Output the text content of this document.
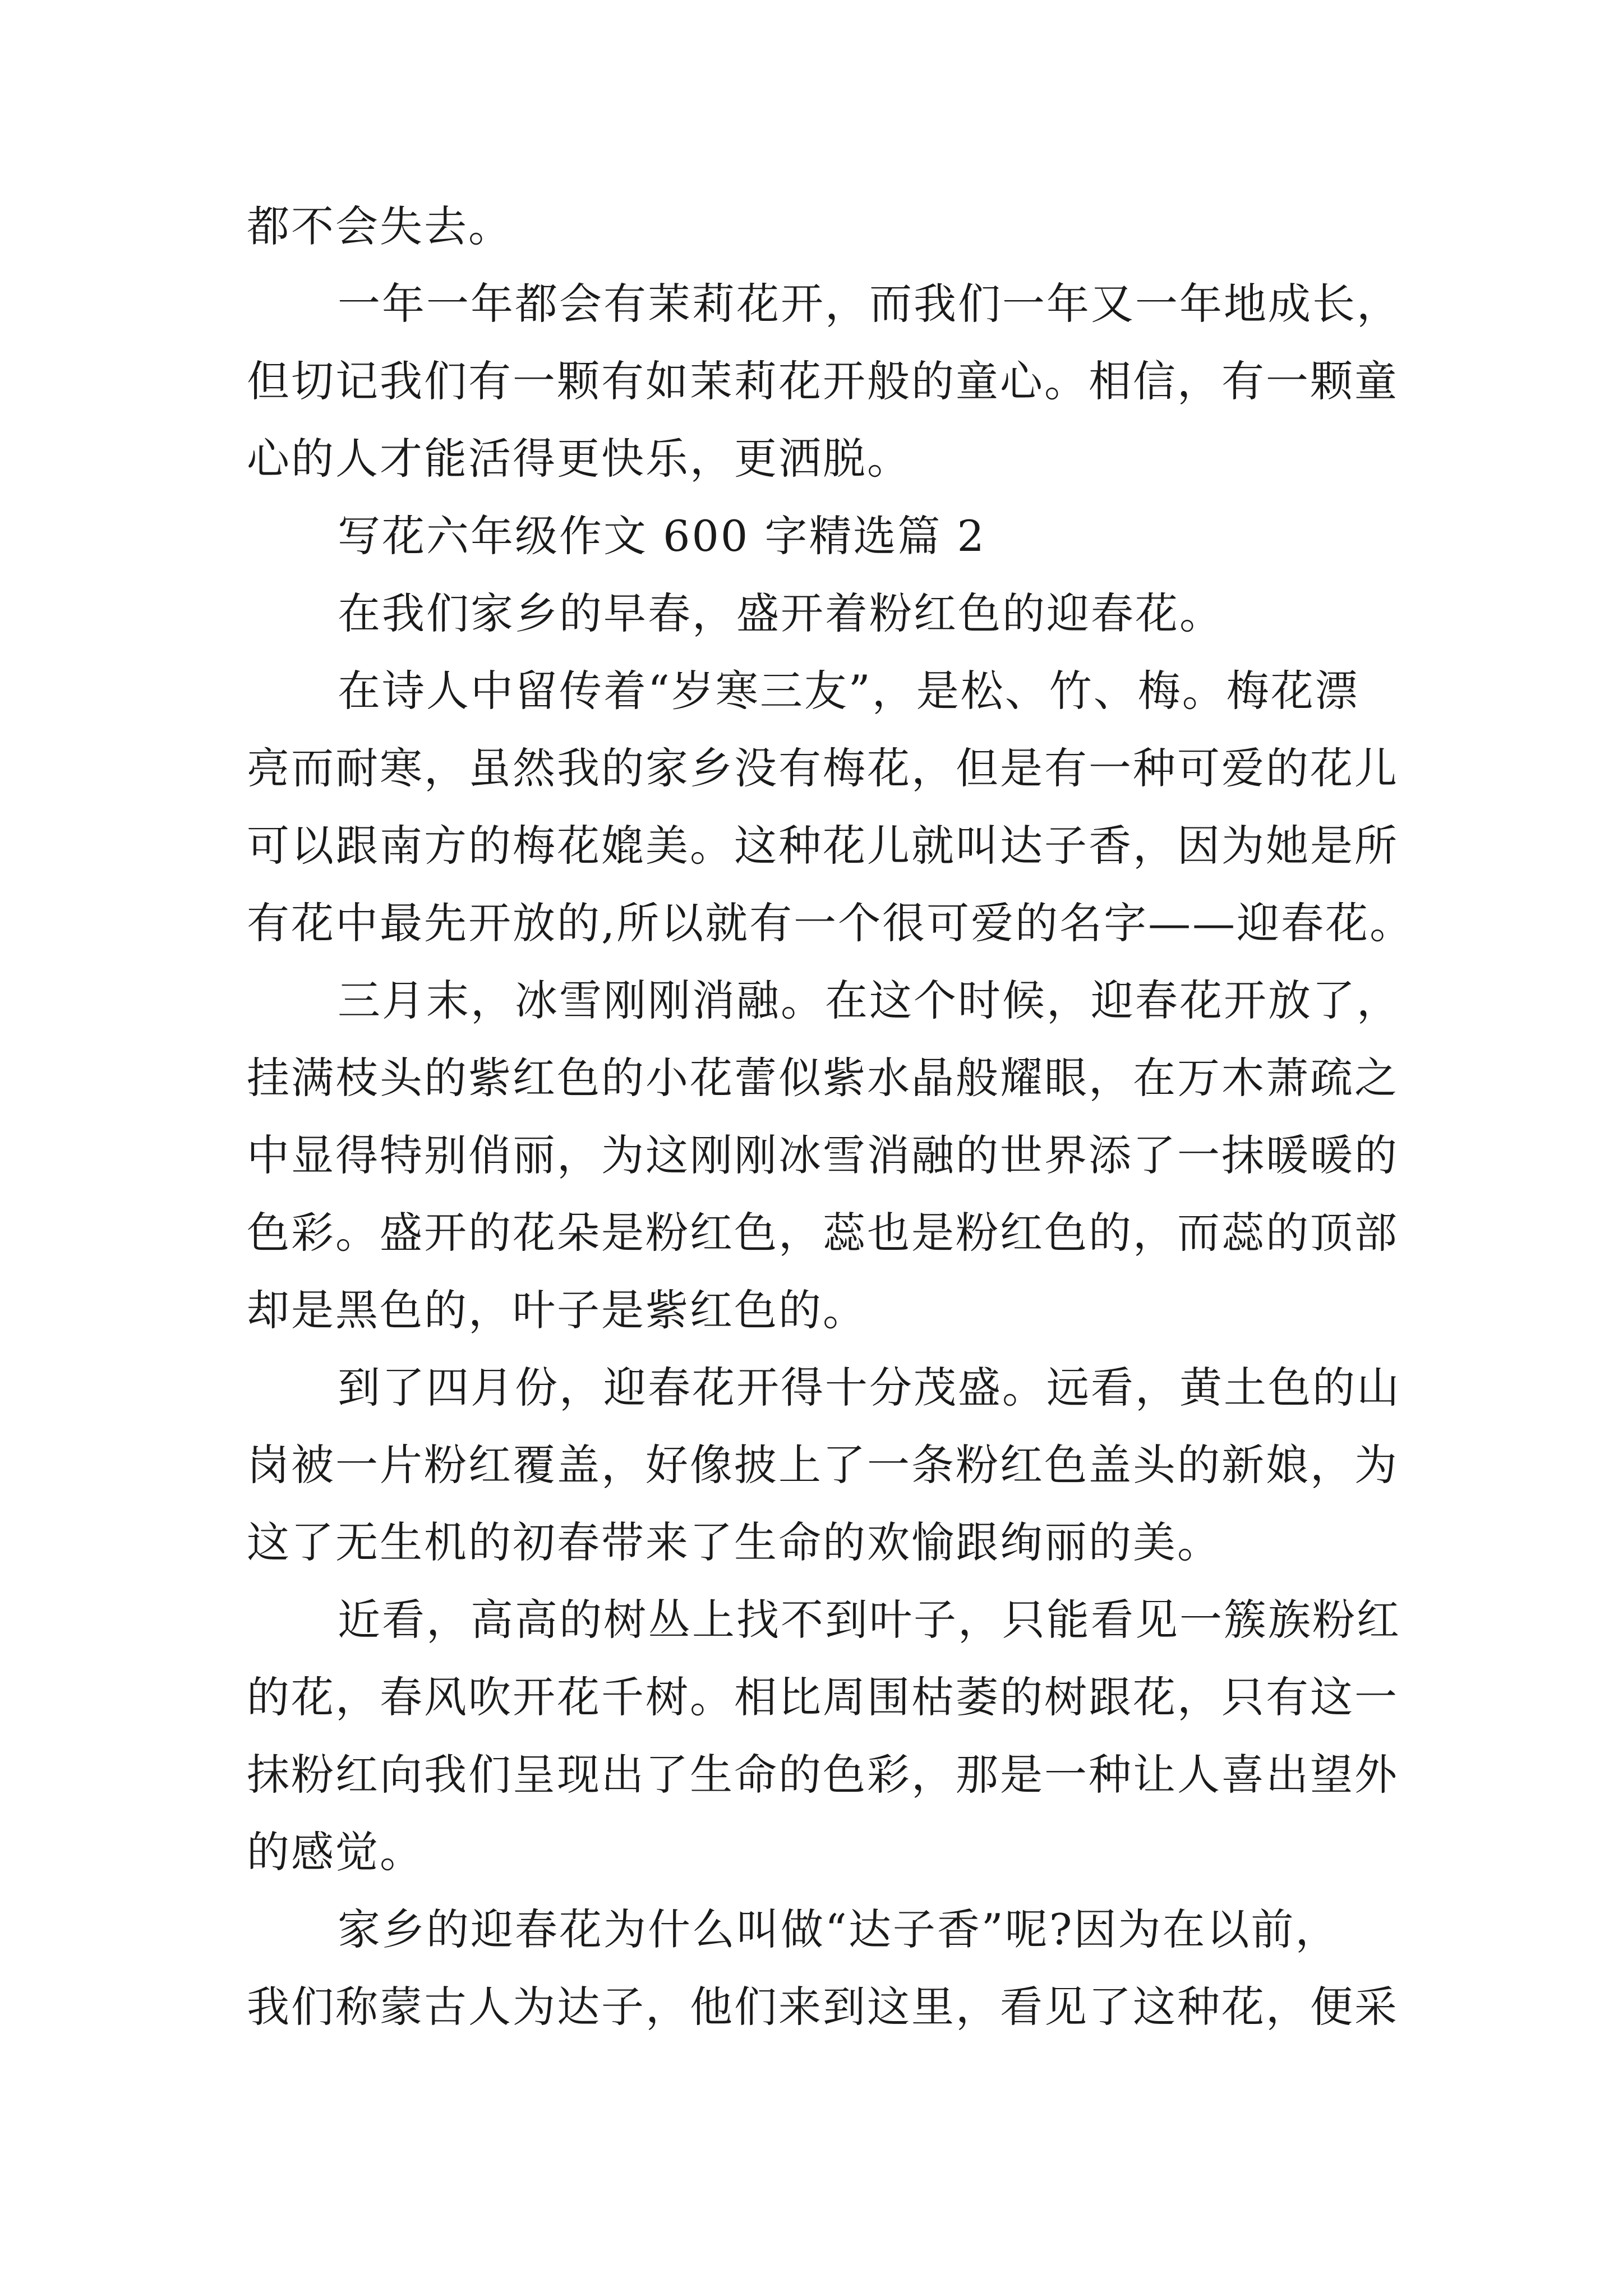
都不会失去。
一年一年都会有茉莉花开，而我们一年又一年地成长，
但切记我们有一颗有如茉莉花开般的童心。相信，有一颗童
心的人才能活得更快乐，更洒脱。
写花六年级作文 600 字精选篇 2
在我们家乡的早春，盛开着粉红色的迎春花。
在诗人中留传着“岁寒三友”，是松、竹、梅。梅花漂
亮而耐寒，虽然我的家乡没有梅花，但是有一种可爱的花儿
可以跟南方的梅花媲美。这种花儿就叫达子香，因为她是所
有花中最先开放的,所以就有一个很可爱的名字——迎春花。
三月末，冰雪刚刚消融。在这个时候，迎春花开放了，
挂满枝头的紫红色的小花蕾似紫水晶般耀眼，在万木萧疏之
中显得特别俏丽，为这刚刚冰雪消融的世界添了一抹暖暖的
色彩。盛开的花朵是粉红色，蕊也是粉红色的，而蕊的顶部
却是黑色的，叶子是紫红色的。
到了四月份，迎春花开得十分茂盛。远看，黄土色的山
岗被一片粉红覆盖，好像披上了一条粉红色盖头的新娘，为
这了无生机的初春带来了生命的欢愉跟绚丽的美。
近看，高高的树丛上找不到叶子，只能看见一簇族粉红
的花，春风吹开花千树。相比周围枯萎的树跟花，只有这一
抹粉红向我们呈现出了生命的色彩，那是一种让人喜出望外
的感觉。
家乡的迎春花为什么叫做“达子香”呢?因为在以前，
我们称蒙古人为达子，他们来到这里，看见了这种花，便采
